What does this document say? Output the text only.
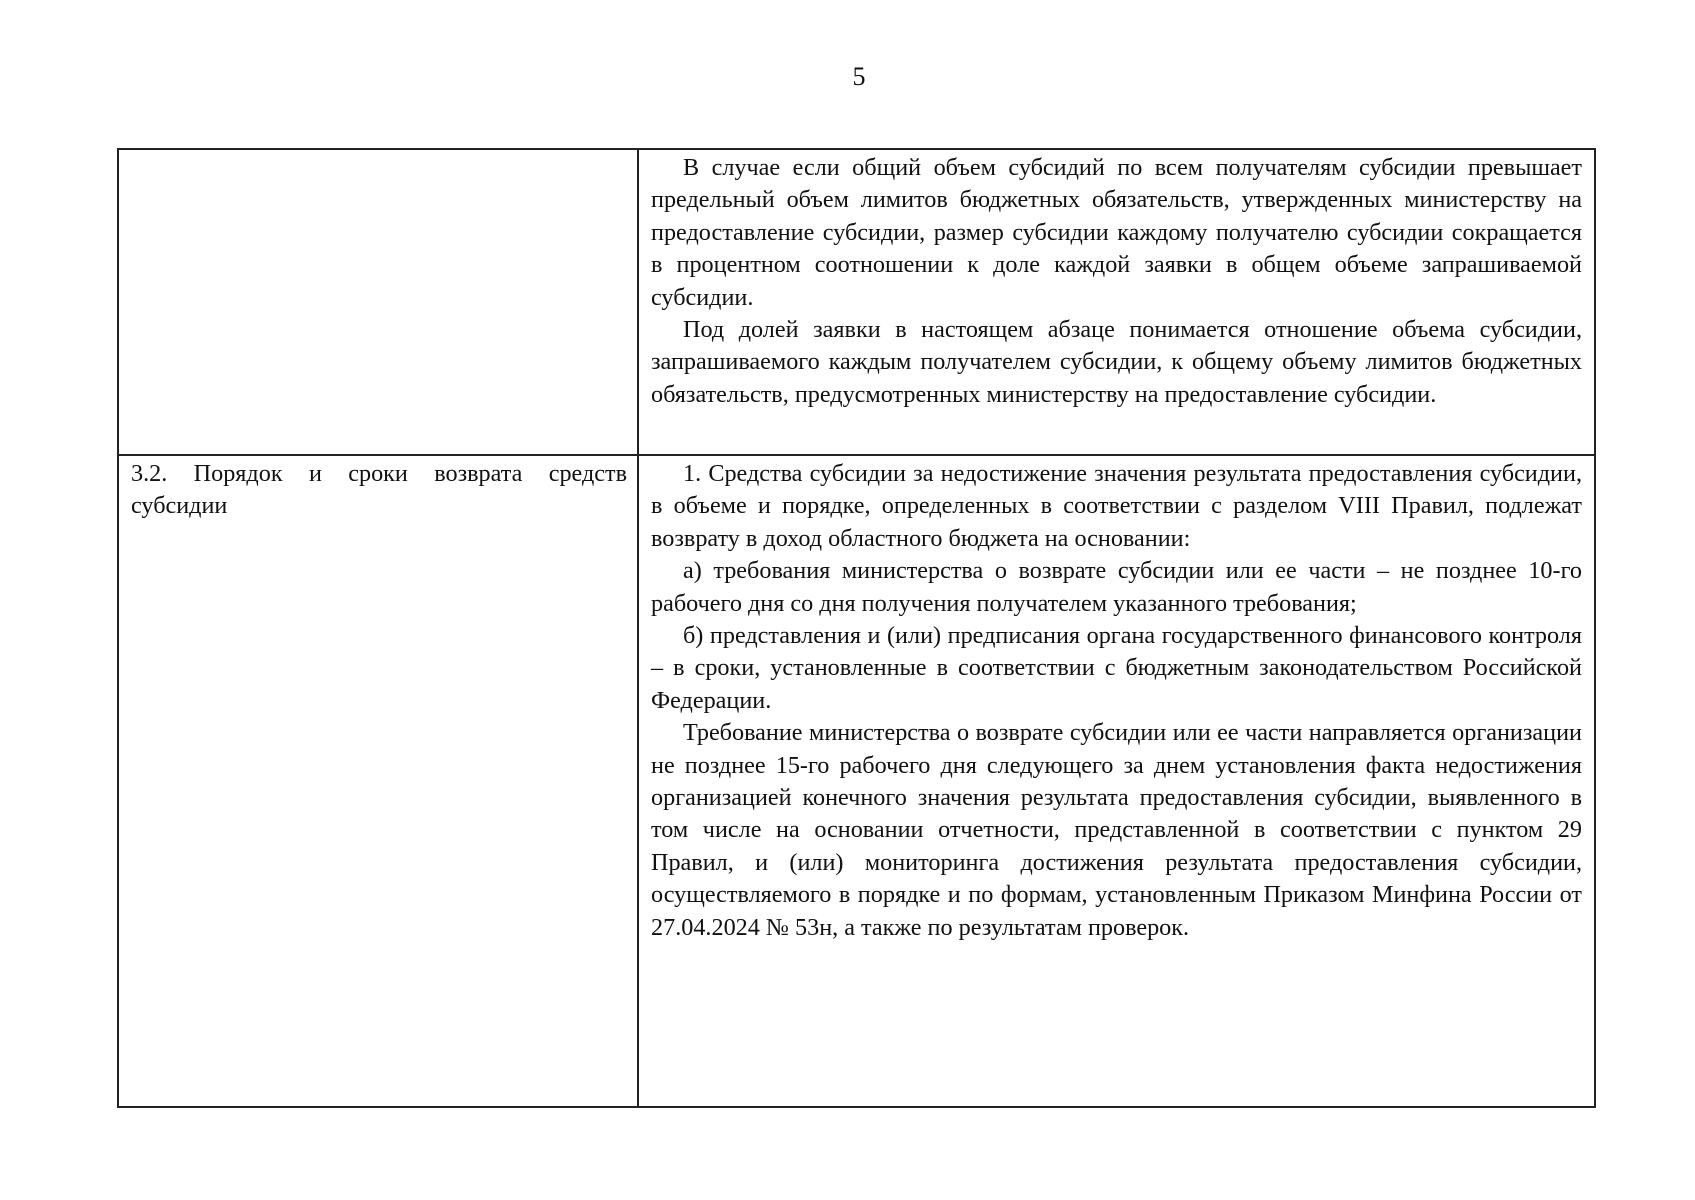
5

	В случае если общий объем субсидий по всем получателям субсидии превышает предельный объем лимитов бюджетных обязательств, утвержденных министерству на предоставление субсидии, размер субсидии каждому получателю субсидии сокращается в процентном соотношении к доле каждой заявки в общем объеме запрашиваемой субсидии.

Под долей заявки в настоящем абзаце понимается отношение объема субсидии, запрашиваемого каждым получателем субсидии, к общему объему лимитов бюджетных обязательств, предусмотренных министерству на предоставление субсидии.

3.2. Порядок и сроки возврата средств субсидии	1. Средства субсидии за недостижение значения результата предоставления субсидии, в объеме и порядке, определенных в соответствии с разделом VIII Правил, подлежат возврату в доход областного бюджета на основании:

а) требования министерства о возврате субсидии или ее части – не позднее 10-го рабочего дня со дня получения получателем указанного требования;

б) представления и (или) предписания органа государственного финансового контроля – в сроки, установленные в соответствии с бюджетным законодательством Российской Федерации.

Требование министерства о возврате субсидии или ее части направляется организации не позднее 15-го рабочего дня следующего за днем установления факта недостижения организацией конечного значения результата предоставления субсидии, выявленного в том числе на основании отчетности, представленной в соответствии с пунктом 29 Правил, и (или) мониторинга достижения результата предоставления субсидии, осуществляемого в порядке и по формам, установленным Приказом Минфина России от 27.04.2024 № 53н, а также по результатам проверок.
